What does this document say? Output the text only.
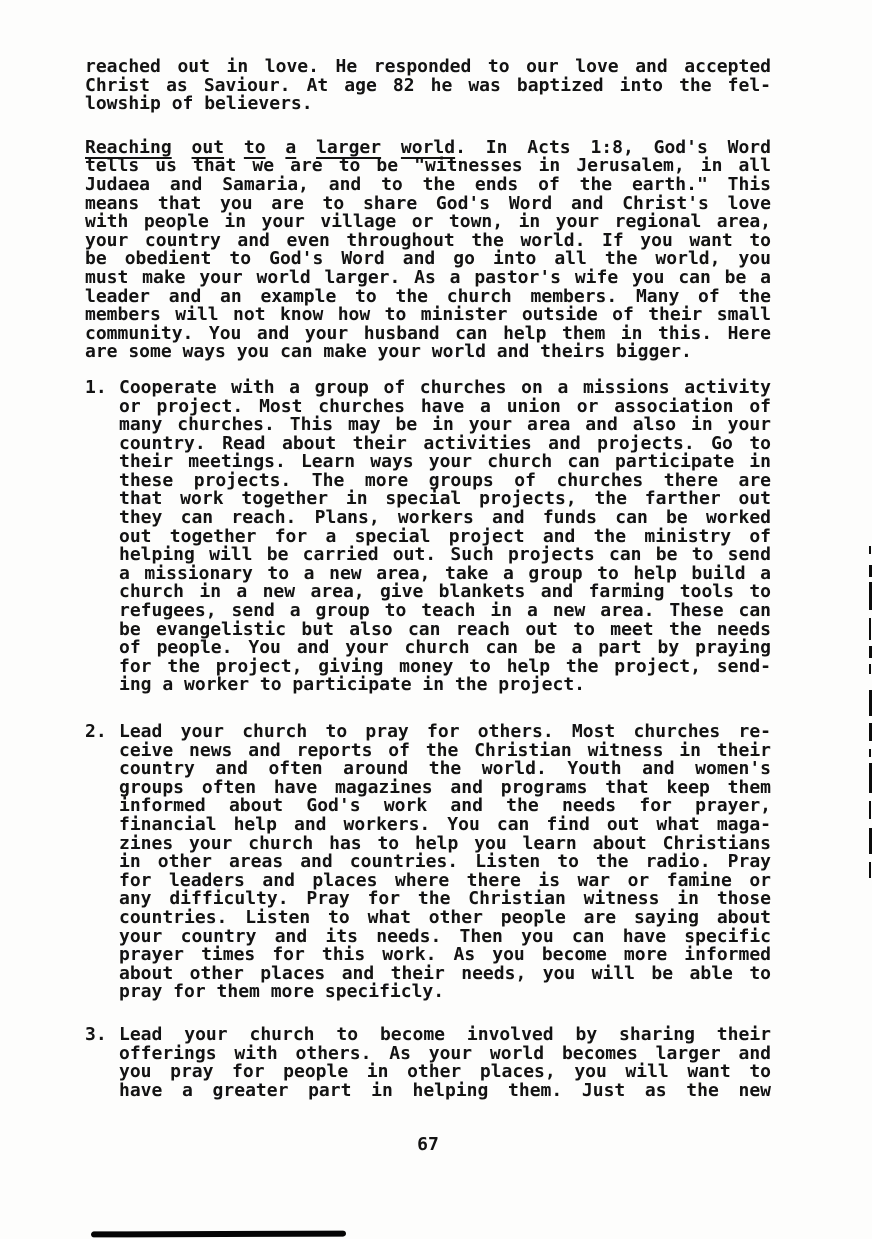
reached out in love. He responded to our love and accepted
Christ as Saviour. At age 82 he was baptized into the fel-
lowship of believers.
Reaching out to a larger world. In Acts 1:8, God's Word
tells us that we are to be "witnesses in Jerusalem, in all
Judaea and Samaria, and to the ends of the earth." This
means that you are to share God's Word and Christ's love
with people in your village or town, in your regional area,
your country and even throughout the world. If you want to
be obedient to God's Word and go into all the world, you
must make your world larger. As a pastor's wife you can be a
leader and an example to the church members. Many of the
members will not know how to minister outside of their small
community. You and your husband can help them in this. Here
are some ways you can make your world and theirs bigger.
1. Cooperate with a group of churches on a missions activity
or project. Most churches have a union or association of
many churches. This may be in your area and also in your
country. Read about their activities and projects. Go to
their meetings. Learn ways your church can participate in
these projects. The more groups of churches there are
that work together in special projects, the farther out
they can reach. Plans, workers and funds can be worked
out together for a special project and the ministry of
helping will be carried out. Such projects can be to send
a missionary to a new area, take a group to help build a
church in a new area, give blankets and farming tools to
refugees, send a group to teach in a new area. These can
be evangelistic but also can reach out to meet the needs
of people. You and your church can be a part by praying
for the project, giving money to help the project, send-
ing a worker to participate in the project.
2. Lead your church to pray for others. Most churches re-
ceive news and reports of the Christian witness in their
country and often around the world. Youth and women's
groups often have magazines and programs that keep them
informed about God's work and the needs for prayer,
financial help and workers. You can find out what maga-
zines your church has to help you learn about Christians
in other areas and countries. Listen to the radio. Pray
for leaders and places where there is war or famine or
any difficulty. Pray for the Christian witness in those
countries. Listen to what other people are saying about
your country and its needs. Then you can have specific
prayer times for this work. As you become more informed
about other places and their needs, you will be able to
pray for them more specificly.
3. Lead your church to become involved by sharing their
offerings with others. As your world becomes larger and
you pray for people in other places, you will want to
have a greater part in helping them. Just as the new
67
